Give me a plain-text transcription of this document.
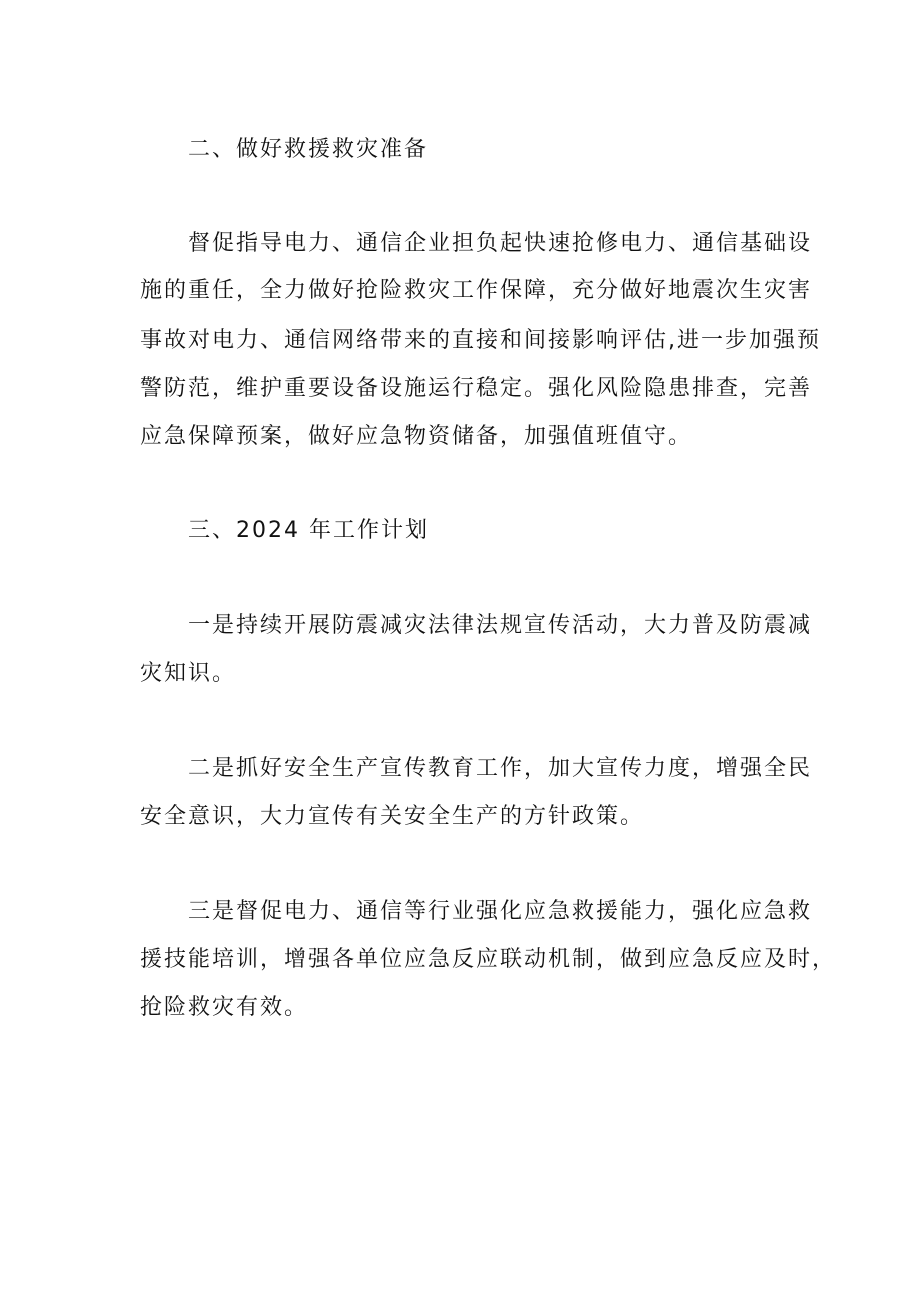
二、做好救援救灾准备
督促指导电力、通信企业担负起快速抢修电力、通信基础设
施的重任，全力做好抢险救灾工作保障，充分做好地震次生灾害
事故对电力、通信网络带来的直接和间接影响评估,进一步加强预
警防范，维护重要设备设施运行稳定。强化风险隐患排查，完善
应急保障预案，做好应急物资储备，加强值班值守。
三、2024 年工作计划
一是持续开展防震减灾法律法规宣传活动，大力普及防震减
灾知识。
二是抓好安全生产宣传教育工作，加大宣传力度，增强全民
安全意识，大力宣传有关安全生产的方针政策。
三是督促电力、通信等行业强化应急救援能力，强化应急救
援技能培训，增强各单位应急反应联动机制，做到应急反应及时，
抢险救灾有效。
